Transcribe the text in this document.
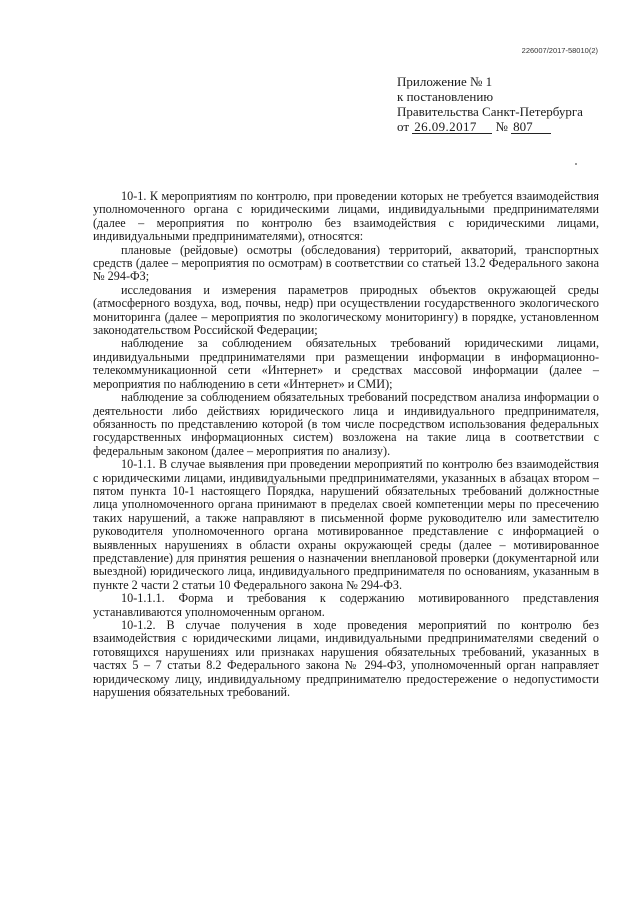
226007/2017-58010(2)
Приложение № 1
к постановлению
Правительства Санкт-Петербурга
от 26.09.2017 № 807

10-1. К мероприятиям по контролю, при проведении которых не требуется взаимодействия уполномоченного органа с юридическими лицами, индивидуальными предпринимателями (далее – мероприятия по контролю без взаимодействия с юридическими лицами, индивидуальными предпринимателями), относятся:

плановые (рейдовые) осмотры (обследования) территорий, акваторий, транспортных средств (далее – мероприятия по осмотрам) в соответствии со статьей 13.2 Федерального закона № 294-ФЗ;

исследования и измерения параметров природных объектов окружающей среды (атмосферного воздуха, вод, почвы, недр) при осуществлении государственного экологического мониторинга (далее – мероприятия по экологическому мониторингу) в порядке, установленном законодательством Российской Федерации;

наблюдение за соблюдением обязательных требований юридическими лицами, индивидуальными предпринимателями при размещении информации в информационно-телекоммуникационной сети «Интернет» и средствах массовой информации (далее – мероприятия по наблюдению в сети «Интернет» и СМИ);

наблюдение за соблюдением обязательных требований посредством анализа информации о деятельности либо действиях юридического лица и индивидуального предпринимателя, обязанность по представлению которой (в том числе посредством использования федеральных государственных информационных систем) возложена на такие лица в соответствии с федеральным законом (далее – мероприятия по анализу).

10-1.1. В случае выявления при проведении мероприятий по контролю без взаимодействия с юридическими лицами, индивидуальными предпринимателями, указанных в абзацах втором – пятом пункта 10-1 настоящего Порядка, нарушений обязательных требований должностные лица уполномоченного органа принимают в пределах своей компетенции меры по пресечению таких нарушений, а также направляют в письменной форме руководителю или заместителю руководителя уполномоченного органа мотивированное представление с информацией о выявленных нарушениях в области охраны окружающей среды (далее – мотивированное представление) для принятия решения о назначении внеплановой проверки (документарной или выездной) юридического лица, индивидуального предпринимателя по основаниям, указанным в пункте 2 части 2 статьи 10 Федерального закона № 294-ФЗ.

10-1.1.1. Форма и требования к содержанию мотивированного представления устанавливаются уполномоченным органом.

10-1.2. В случае получения в ходе проведения мероприятий по контролю без взаимодействия с юридическими лицами, индивидуальными предпринимателями сведений о готовящихся нарушениях или признаках нарушения обязательных требований, указанных в частях 5 – 7 статьи 8.2 Федерального закона № 294-ФЗ, уполномоченный орган направляет юридическому лицу, индивидуальному предпринимателю предостережение о недопустимости нарушения обязательных требований.
